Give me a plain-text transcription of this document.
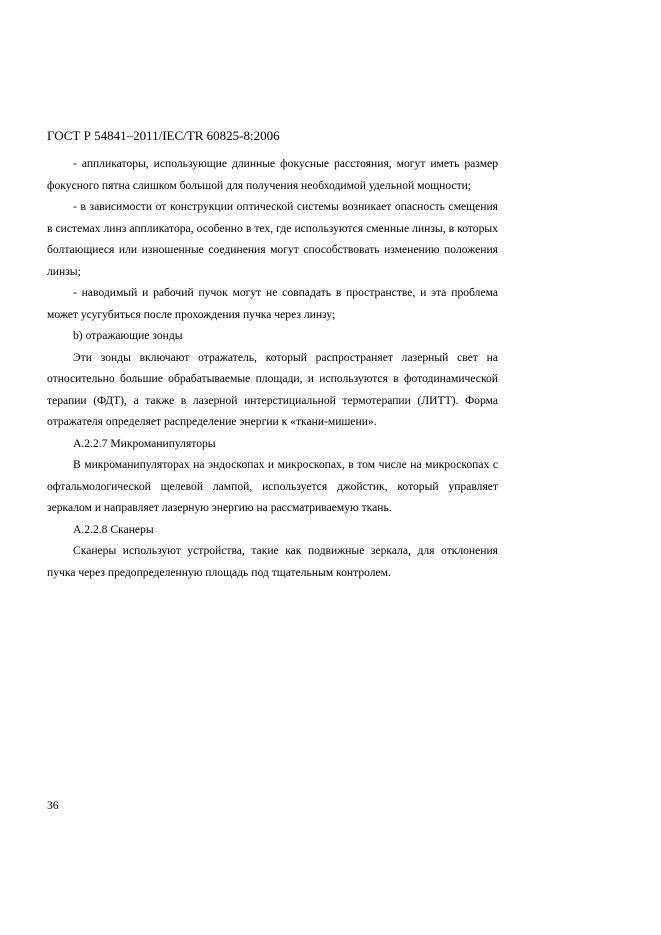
ГОСТ Р 54841–2011/IEC/TR 60825-8:2006

- аппликаторы, использующие длинные фокусные расстояния, могут иметь размер фокусного пятна слишком большой для получения необходимой удельной мощности;

- в зависимости от конструкции оптической системы возникает опасность смещения в системах линз аппликатора, особенно в тех, где используются сменные линзы, в которых болтающиеся или изношенные соединения могут способствовать изменению положения линзы;

- наводимый и рабочий пучок могут не совпадать в пространстве, и эта проблема может усугубиться после прохождения пучка через линзу;

b) отражающие зонды

Эти зонды включают отражатель, который распространяет лазерный свет на относительно большие обрабатываемые площади, и используются в фотодинамической терапии (ФДТ), а также в лазерной интерстициальной термотерапии (ЛИТТ). Форма отражателя определяет распределение энергии к «ткани-мишени».

A.2.2.7 Микроманипуляторы

В микроманипуляторах на эндоскопах и микроскопах, в том числе на микроскопах с офтальмологической щелевой лампой, используется джойстик, который управляет зеркалом и направляет лазерную энергию на рассматриваемую ткань.

A.2.2.8 Сканеры

Сканеры используют устройства, такие как подвижные зеркала, для отклонения пучка через предопределенную площадь под тщательным контролем.

36
